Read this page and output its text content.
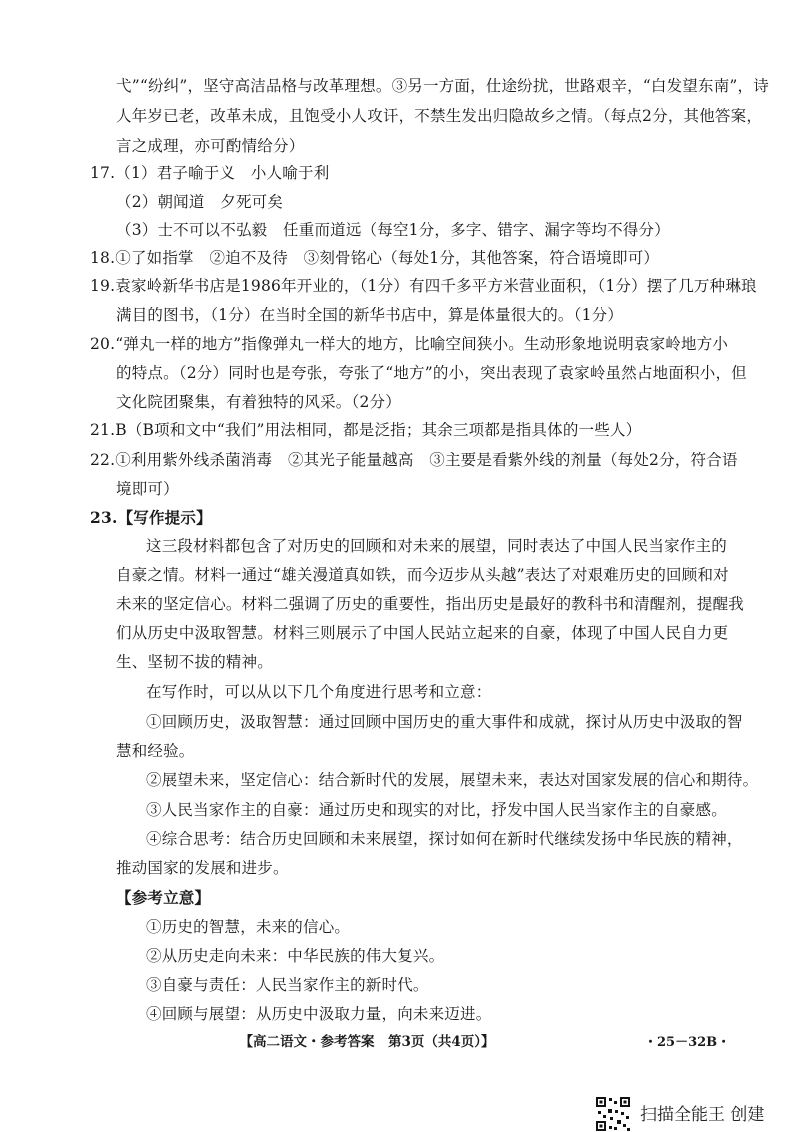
弋”“纷纠”，坚守高洁品格与改革理想。③另一方面，仕途纷扰，世路艰辛，“白发望东南”，诗
人年岁已老，改革未成，且饱受小人攻讦，不禁生发出归隐故乡之情。（每点2分，其他答案，
言之成理，亦可酌情给分）
17.（1）君子喻于义　小人喻于利
（2）朝闻道　夕死可矣
（3）士不可以不弘毅　任重而道远（每空1分，多字、错字、漏字等均不得分）
18.①了如指掌　②迫不及待　③刻骨铭心（每处1分，其他答案，符合语境即可）
19.袁家岭新华书店是1986年开业的，（1分）有四千多平方米营业面积，（1分）摆了几万种琳琅
满目的图书，（1分）在当时全国的新华书店中，算是体量很大的。（1分）
20.“弹丸一样的地方”指像弹丸一样大的地方，比喻空间狭小。生动形象地说明袁家岭地方小
的特点。（2分）同时也是夸张，夸张了“地方”的小，突出表现了袁家岭虽然占地面积小，但
文化院团聚集，有着独特的风采。（2分）
21.B（B项和文中“我们”用法相同，都是泛指；其余三项都是指具体的一些人）
22.①利用紫外线杀菌消毒　②其光子能量越高　③主要是看紫外线的剂量（每处2分，符合语
境即可）
23.【写作提示】
这三段材料都包含了对历史的回顾和对未来的展望，同时表达了中国人民当家作主的
自豪之情。材料一通过“雄关漫道真如铁，而今迈步从头越”表达了对艰难历史的回顾和对
未来的坚定信心。材料二强调了历史的重要性，指出历史是最好的教科书和清醒剂，提醒我
们从历史中汲取智慧。材料三则展示了中国人民站立起来的自豪，体现了中国人民自力更
生、坚韧不拔的精神。
在写作时，可以从以下几个角度进行思考和立意：
①回顾历史，汲取智慧：通过回顾中国历史的重大事件和成就，探讨从历史中汲取的智
慧和经验。
②展望未来，坚定信心：结合新时代的发展，展望未来，表达对国家发展的信心和期待。
③人民当家作主的自豪：通过历史和现实的对比，抒发中国人民当家作主的自豪感。
④综合思考：结合历史回顾和未来展望，探讨如何在新时代继续发扬中华民族的精神，
推动国家的发展和进步。
【参考立意】
①历史的智慧，未来的信心。
②从历史走向未来：中华民族的伟大复兴。
③自豪与责任：人民当家作主的新时代。
④回顾与展望：从历史中汲取力量，向未来迈进。
【高二语文・参考答案　第3页（共4页）】	・25－32B・
扫描全能王 创建
